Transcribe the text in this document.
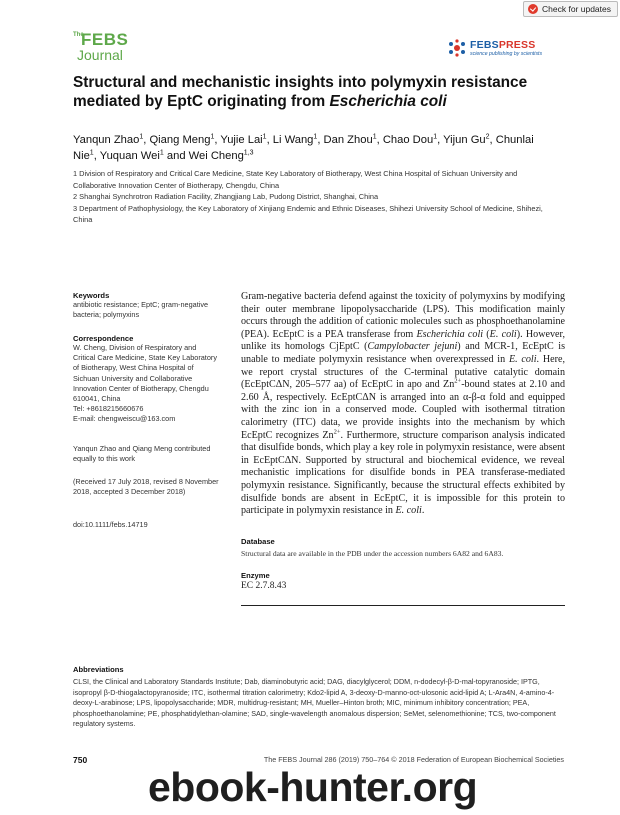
Check for updates
The
FEBS
Journal
FEBSPRESS
science publishing by scientists
Structural and mechanistic insights into polymyxin resistance mediated by EptC originating from Escherichia coli
Yanqun Zhao$^1$, Qiang Meng$^1$, Yujie Lai$^1$, Li Wang$^1$, Dan Zhou$^1$, Chao Dou$^1$, Yijun Gu$^2$, Chunlai Nie$^1$, Yuquan Wei$^1$ and Wei Cheng$^{1,3}$

1 Division of Respiratory and Critical Care Medicine, State Key Laboratory of Biotherapy, West China Hospital of Sichuan University and Collaborative Innovation Center of Biotherapy, Chengdu, China

2 Shanghai Synchrotron Radiation Facility, Zhangjiang Lab, Pudong District, Shanghai, China

3 Department of Pathophysiology, the Key Laboratory of Xinjiang Endemic and Ethnic Diseases, Shihezi University School of Medicine, Shihezi, China

Keywords

antibiotic resistance; EptC; gram-negative bacteria; polymyxins

Correspondence

W. Cheng, Division of Respiratory and

Critical Care Medicine, State Key Laboratory

of Biotherapy, West China Hospital of

Sichuan University and Collaborative

Innovation Center of Biotherapy, Chengdu

610041, China

Tel: +8618215660676

E-mail: chengweiscu@163.com

Yanqun Zhao and Qiang Meng contributed equally to this work

(Received 17 July 2018, revised 8 November 2018, accepted 3 December 2018)

doi:10.1111/febs.14719

Gram-negative bacteria defend against the toxicity of polymyxins by modifying their outer membrane lipopolysaccharide (LPS). This modification mainly occurs through the addition of cationic molecules such as phosphoethanolamine (PEA). EcEptC is a PEA transferase from Escherichia coli (E. coli). However, unlike its homologs CjEptC (Campylobacter jejuni) and MCR-1, EcEptC is unable to mediate polymyxin resistance when overexpressed in E. coli. Here, we report crystal structures of the C-terminal putative catalytic domain (EcEptCΔN, 205–577 aa) of EcEptC in apo and $Zn^{2+}$-bound states at 2.10 and 2.60 Å, respectively. EcEptCΔN is arranged into an α-β-α fold and equipped with the zinc ion in a conserved mode. Coupled with isothermal titration calorimetry (ITC) data, we provide insights into the mechanism by which EcEptC recognizes $Zn^{2+}$. Furthermore, structure comparison analysis indicated that disulfide bonds, which play a key role in polymyxin resistance, were absent in EcEptCΔN. Supported by structural and biochemical evidence, we reveal mechanistic implications for disulfide bonds in PEA transferase-mediated polymyxin resistance. Significantly, because the structural effects exhibited by disulfide bonds are absent in EcEptC, it is impossible for this protein to participate in polymyxin resistance in E. coli.

Database
Structural data are available in the PDB under the accession numbers 6A82 and 6A83.
Enzyme
EC 2.7.8.43
Abbreviations

CLSI, the Clinical and Laboratory Standards Institute; Dab, diaminobutyric acid; DAG, diacylglycerol; DDM, n-dodecyl-β-D-mal-topyranoside; IPTG, isopropyl β-D-thiogalactopyranoside; ITC, isothermal titration calorimetry; Kdo2-lipid A, 3-deoxy-D-manno-oct-ulosonic acid-lipid A; L-Ara4N, 4-amino-4-deoxy-L-arabinose; LPS, lipopolysaccharide; MDR, multidrug-resistant; MH, Mueller–Hinton broth; MIC, minimum inhibitory concentration; PEA, phosphoethanolamine; PE, phosphatidylethan-olamine; SAD, single-wavelength anomalous dispersion; SeMet, selenomethionine; TCS, two-component regulatory systems.

750	The FEBS Journal 286 (2019) 750–764 © 2018 Federation of European Biochemical Societies
ebook-hunter.org
